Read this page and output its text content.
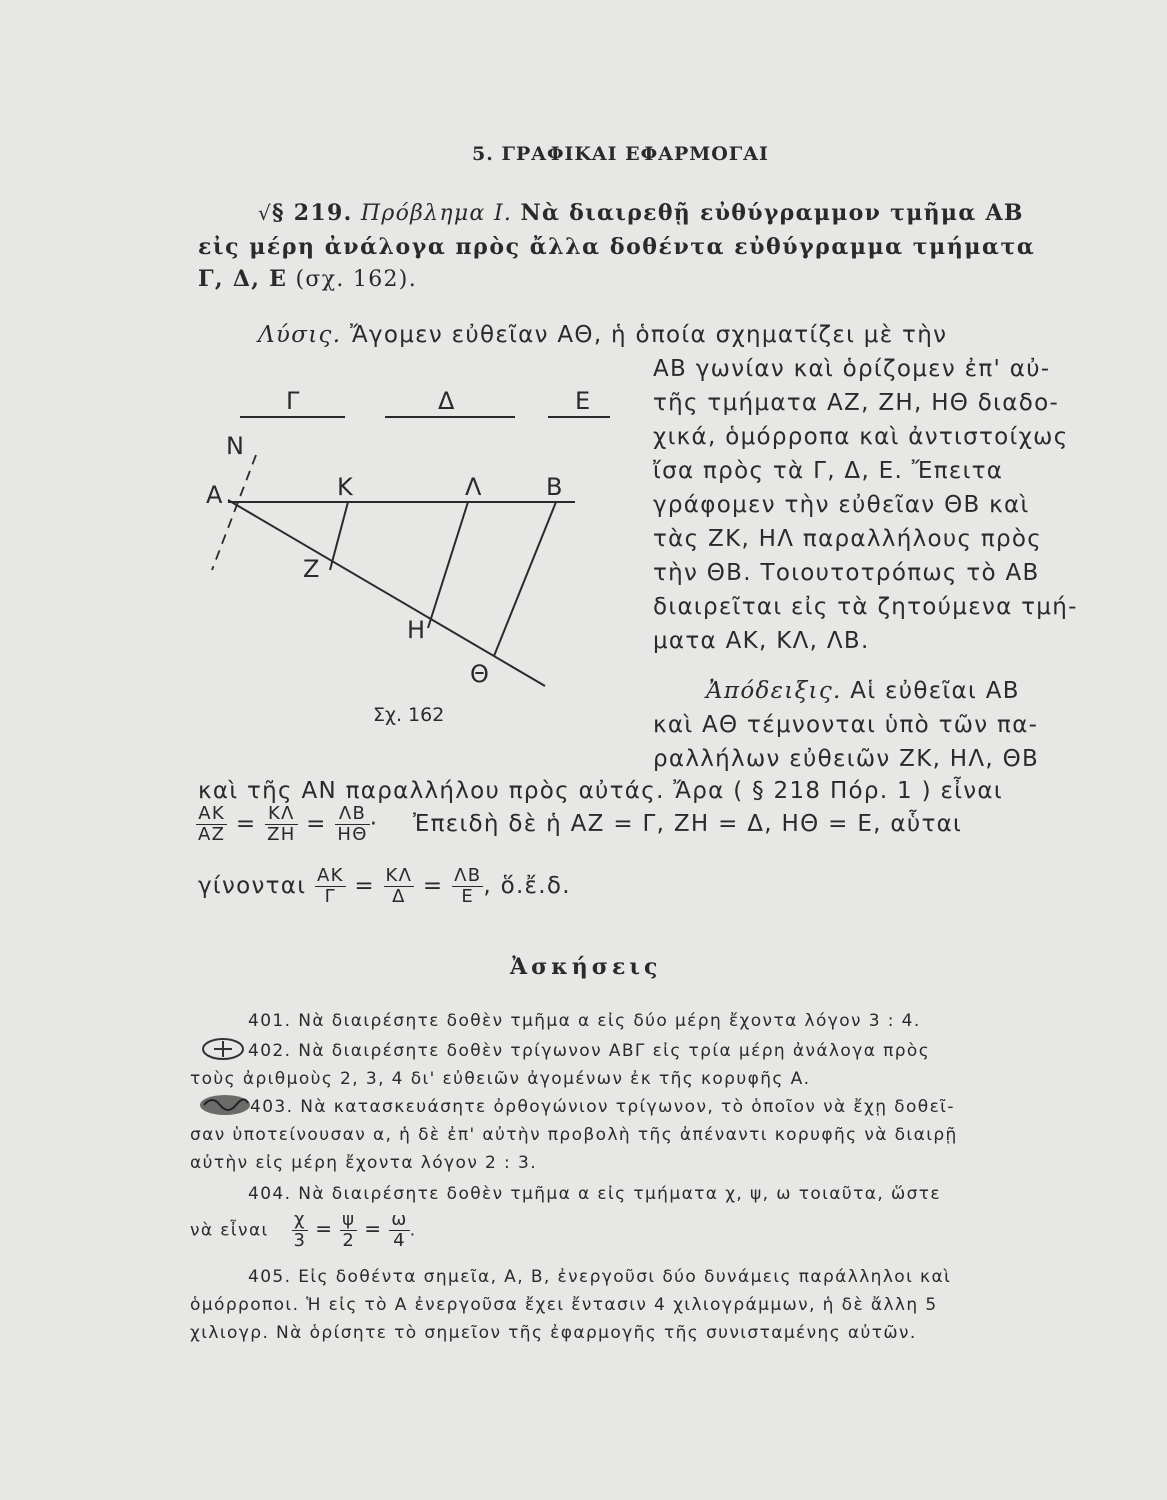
5. ΓΡΑΦΙΚΑΙ ΕΦΑΡΜΟΓΑΙ
√§ 219. Πρόβλημα Ι. Νὰ διαιρεθῇ εὐθύγραμμον τμῆμα ΑΒ
εἰς μέρη ἀνάλογα πρὸς ἄλλα δοθέντα εὐθύγραμμα τμήματα
Γ, Δ, Ε (σχ. 162).
Λύσις. Ἄγομεν εὐθεῖαν ΑΘ, ἡ ὁποία σχηματίζει μὲ τὴν
ΑΒ γωνίαν καὶ ὁρίζομεν ἐπ' αὐ-
τῆς τμήματα ΑΖ, ΖΗ, ΗΘ διαδο-
χικά, ὁμόρροπα καὶ ἀντιστοίχως
ἴσα πρὸς τὰ Γ, Δ, Ε. Ἔπειτα
γράφομεν τὴν εὐθεῖαν ΘΒ καὶ
τὰς ΖΚ, ΗΛ παραλλήλους πρὸς
τὴν ΘΒ. Τοιουτοτρόπως τὸ ΑΒ
διαιρεῖται εἰς τὰ ζητούμενα τμή-
ματα ΑΚ, ΚΛ, ΛΒ.
Γ	Δ	Ε
Ν
Α	Κ	Λ	Β
Ζ
Η
Θ
Σχ. 162
Ἀπόδειξις. Αἱ εὐθεῖαι ΑΒ
καὶ ΑΘ τέμνονται ὑπὸ τῶν πα-
ραλλήλων εὐθειῶν ΖΚ, ΗΛ, ΘΒ
καὶ τῆς ΑΝ παραλλήλου πρὸς αὐτάς. Ἄρα ( § 218 Πόρ. 1 ) εἶναι
$\frac{AK}{AZ} = \frac{K\Lambda}{ZH} = \frac{\Lambda B}{H\Theta}$ · Ἐπειδὴ δὲ ἡ ΑΖ = Γ, ΖΗ = Δ, ΗΘ = Ε, αὗται
γίνονται $\frac{AK}{\Gamma} = \frac{K\Lambda}{\Delta} = \frac{\Lambda B}{E}$ , ὅ.ἔ.δ.
Ἀσκήσεις
401. Νὰ διαιρέσητε δοθὲν τμῆμα α εἰς δύο μέρη ἔχοντα λόγον 3 : 4.
402. Νὰ διαιρέσητε δοθὲν τρίγωνον ΑΒΓ εἰς τρία μέρη ἀνάλογα πρὸς
τοὺς ἀριθμοὺς 2, 3, 4 δι' εὐθειῶν ἀγομένων ἐκ τῆς κορυφῆς Α.
403. Νὰ κατασκευάσητε ὀρθογώνιον τρίγωνον, τὸ ὁποῖον νὰ ἔχῃ δοθεῖ-
σαν ὑποτείνουσαν α, ἡ δὲ ἐπ' αὐτὴν προβολὴ τῆς ἀπέναντι κορυφῆς νὰ διαιρῇ
αὐτὴν εἰς μέρη ἔχοντα λόγον 2 : 3.
404. Νὰ διαιρέσητε δοθὲν τμῆμα α εἰς τμήματα χ, ψ, ω τοιαῦτα, ὥστε
νὰ εἶναι $\frac{\chi}{3} = \frac{\psi}{2} = \frac{\omega}{4}$ .
405. Εἰς δοθέντα σημεῖα, Α, Β, ἐνεργοῦσι δύο δυνάμεις παράλληλοι καὶ
ὁμόρροποι. Ἡ εἰς τὸ Α ἐνεργοῦσα ἔχει ἔντασιν 4 χιλιογράμμων, ἡ δὲ ἄλλη 5
χιλιογρ. Νὰ ὁρίσητε τὸ σημεῖον τῆς ἐφαρμογῆς τῆς συνισταμένης αὐτῶν.
